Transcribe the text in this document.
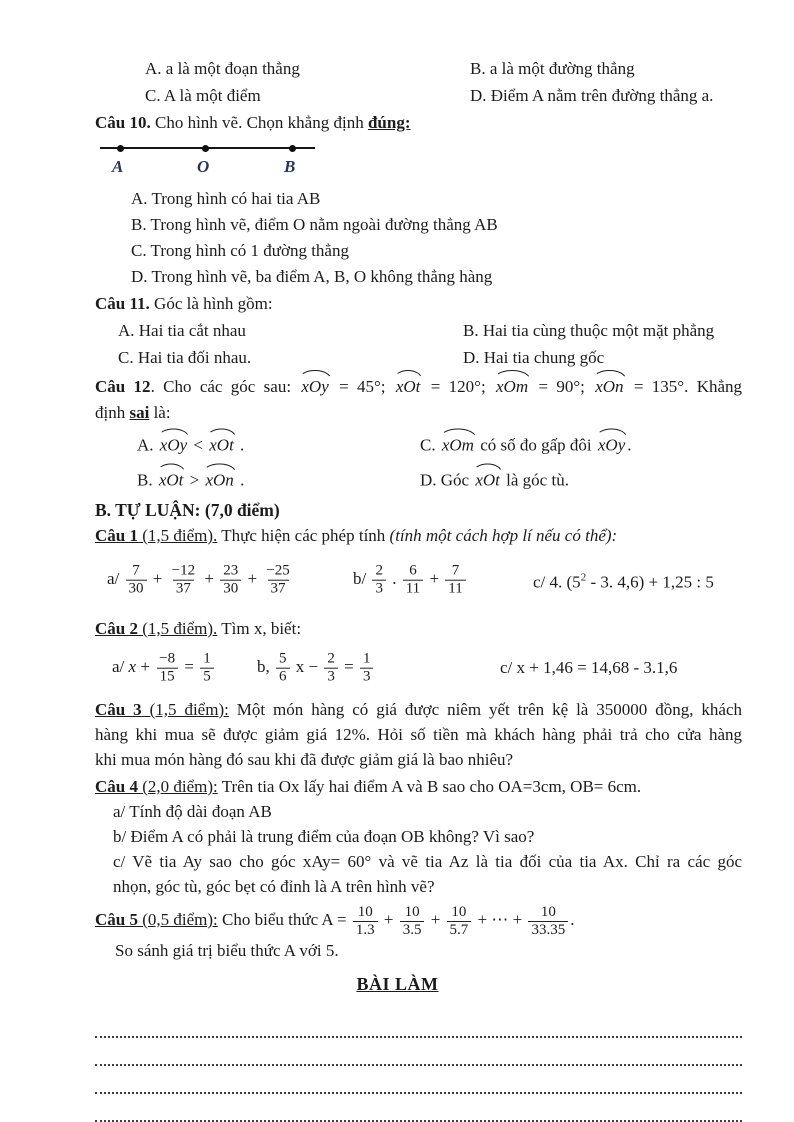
A. a là một đoạn thẳng	B. a là một đường thẳng
C. A là một điểm	D. Điểm A nằm trên đường thẳng a.
Câu 10. Cho hình vẽ. Chọn khẳng định đúng:
A	O	B
A. Trong hình có hai tia AB
B. Trong hình vẽ, điểm O nằm ngoài đường thẳng AB
C. Trong hình có 1 đường thẳng
D. Trong hình vẽ, ba điểm A, B, O không thẳng hàng
Câu 11. Góc là hình gồm:
A. Hai tia cắt nhau	B. Hai tia cùng thuộc một mặt phẳng
C. Hai tia đối nhau.	D. Hai tia chung gốc
Câu 12. Cho các góc sau: xOy = 45°; xOt = 120°; xOm = 90°; xOn = 135°. Khẳng
định sai là:
A. xOy < xOt .	C. xOm có số đo gấp đôi xOy .
B. xOt > xOn .	D. Góc xOt là góc tù.
B. TỰ LUẬN: (7,0 điểm)
Câu 1 (1,5 điểm). Thực hiện các phép tính (tính một cách hợp lí nếu có thể):
$a/ \frac{7}{30} + \frac{-12}{37} + \frac{23}{30} + \frac{-25}{37}$	$b/ \frac{2}{3}$ . $\frac{6}{11} + \frac{7}{11}$	c/ 4. ($5^2 - 3$. 4,6) + 1,25 : 5
Câu 2 (1,5 điểm). Tìm x, biết:
a/ $x + \frac{-8}{15} = \frac{1}{5}$	b, $\frac{5}{6}$ $x - \frac{2}{3} = \frac{1}{3}$	c/ x + 1,46 = 14,68 - 3.1,6
Câu 3 (1,5 điểm): Một món hàng có giá được niêm yết trên kệ là 350000 đồng, khách
hàng khi mua sẽ được giảm giá 12%. Hỏi số tiền mà khách hàng phải trả cho cửa hàng
khi mua món hàng đó sau khi đã được giảm giá là bao nhiêu?
Câu 4 (2,0 điểm): Trên tia Ox lấy hai điểm A và B sao cho OA=3cm, OB= 6cm.
a/ Tính độ dài đoạn AB
b/ Điểm A có phải là trung điểm của đoạn OB không? Vì sao?
c/ Vẽ tia Ay sao cho góc xAy= 60° và vẽ tia Az là tia đối của tia Ax. Chỉ ra các góc
nhọn, góc tù, góc bẹt có đỉnh là A trên hình vẽ?
Câu 5 (0,5 điểm): Cho biểu thức $A = \frac{10}{1.3} + \frac{10}{3.5} + \frac{10}{5.7}$ + ⋯ + $\frac{10}{33.35}$ .
So sánh giá trị biểu thức A với 5.
BÀI LÀM
